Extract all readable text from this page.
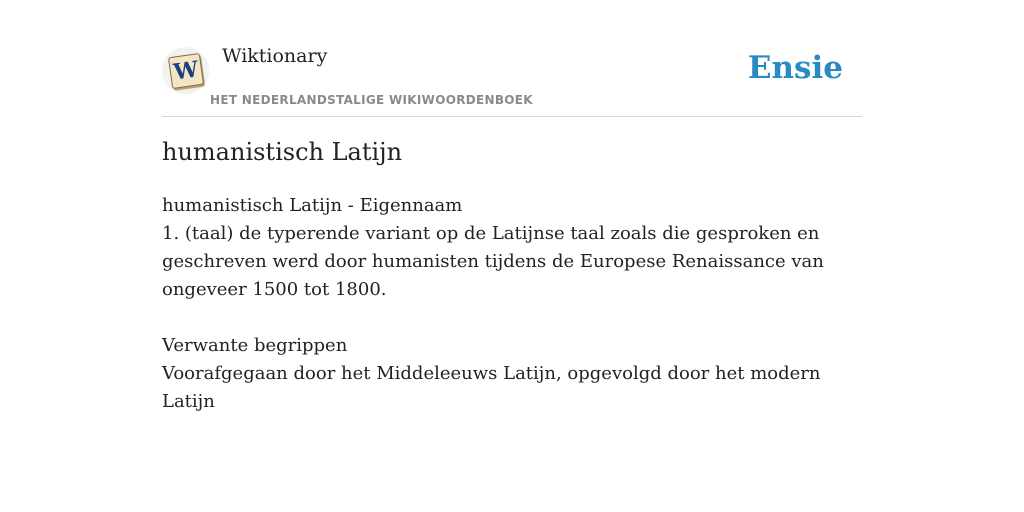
W
Wiktionary
HET NEDERLANDSTALIGE WIKIWOORDENBOEK
Ensie
humanistisch Latijn

humanistisch Latijn - Eigennaam

1. (taal) de typerende variant op de Latijnse taal zoals die gesproken en geschreven werd door humanisten tijdens de Europese Renaissance van ongeveer 1500 tot 1800.

Verwante begrippen

Voorafgegaan door het Middeleeuws Latijn, opgevolgd door het modern Latijn
